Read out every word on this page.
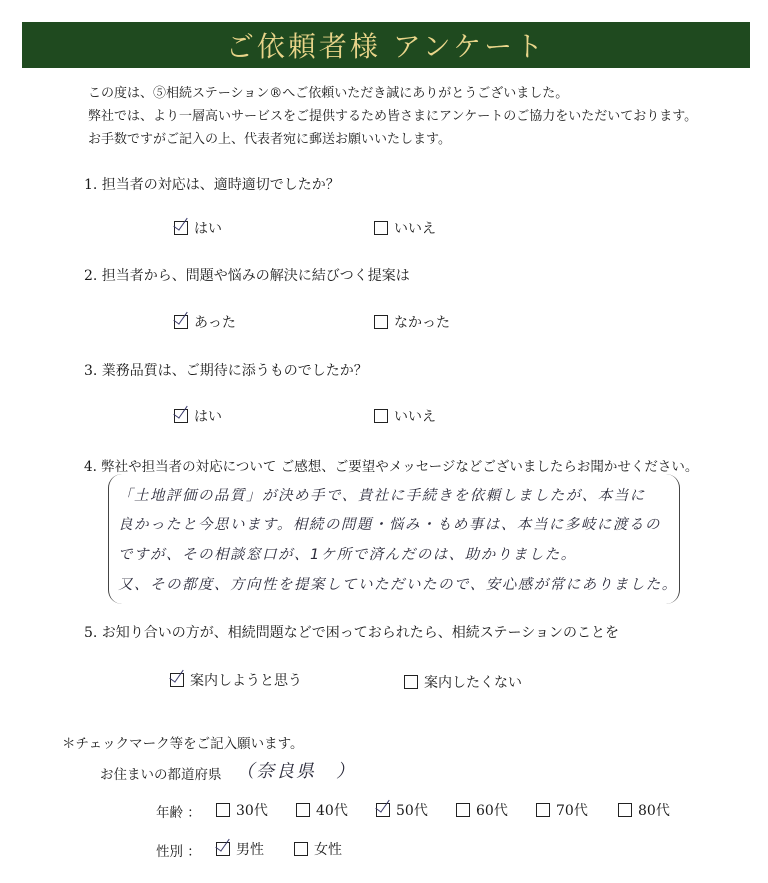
ご依頼者様 アンケート
この度は、⑤相続ステーション®へご依頼いただき誠にありがとうございました。
弊社では、より一層高いサービスをご提供するため皆さまにアンケートのご協力をいただいております。
お手数ですがご記入の上、代表者宛に郵送お願いいたします。
1. 担当者の対応は、適時適切でしたか？
はい	いいえ
2. 担当者から、問題や悩みの解決に結びつく提案は
あった	なかった
3. 業務品質は、ご期待に添うものでしたか？
はい	いいえ
4. 弊社や担当者の対応について ご感想、ご要望やメッセージなどございましたらお聞かせください。
「土地評価の品質」が決め手で、貴社に手続きを依頼しましたが、本当に
良かったと今思います。相続の問題・悩み・もめ事は、本当に多岐に渡るの
ですが、その相談窓口が、1ケ所で済んだのは、助かりました。
又、その都度、方向性を提案していただいたので、安心感が常にありました。
5. お知り合いの方が、相続問題などで困っておられたら、相続ステーションのことを
案内しようと思う	案内したくない
＊チェックマーク等をご記入願います。
お住まいの都道府県 （奈良県　）
年齢 ：	30代	40代	50代	60代	70代	80代
性別 ：	男性	女性
